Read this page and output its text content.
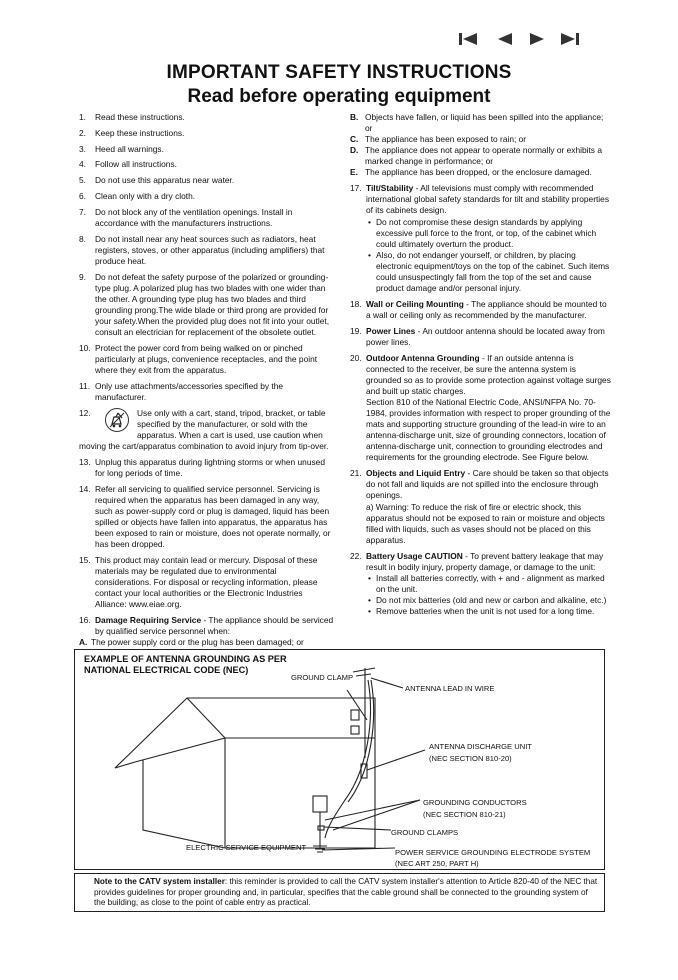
IMPORTANT SAFETY INSTRUCTIONS
Read before operating equipment
1. Read these instructions.
2. Keep these instructions.
3. Heed all warnings.
4. Follow all instructions.
5. Do not use this apparatus near water.
6. Clean only with a dry cloth.
7. Do not block any of the ventilation openings. Install in accordance with the manufacturers instructions.
8. Do not install near any heat sources such as radiators, heat registers, stoves, or other apparatus (including amplifiers) that produce heat.
9. Do not defeat the safety purpose of the polarized or grounding-type plug. A polarized plug has two blades with one wider than the other. A grounding type plug has two blades and third grounding prong.The wide blade or third prong are provided for your safety.When the provided plug does not fit into your outlet, consult an electrician for replacement of the obsolete outlet.
10. Protect the power cord from being walked on or pinched particularly at plugs, convenience receptacles, and the point where they exit from the apparatus.
11. Only use attachments/accessories specified by the manufacturer.
12.	Use only with a cart, stand, tripod, bracket, or table specified by the manufacturer, or sold with the apparatus. When a cart is used, use caution when moving the cart/apparatus combination to avoid injury from tip-over.
13. Unplug this apparatus during lightning storms or when unused for long periods of time.
14. Refer all servicing to qualified service personnel. Servicing is required when the apparatus has been damaged in any way, such as power-supply cord or plug is damaged, liquid has been spilled or objects have fallen into apparatus, the apparatus has been exposed to rain or moisture, does not operate normally, or has been dropped.
15. This product may contain lead or mercury. Disposal of these materials may be regulated due to environmental considerations. For disposal or recycling information, please contact your local authorities or the Electronic Industries Alliance: www.eiae.org.
16. Damage Requiring Service - The appliance should be serviced by qualified service personnel when:
A. The power supply cord or the plug has been damaged; or
B. Objects have fallen, or liquid has been spilled into the appliance; or
C. The appliance has been exposed to rain; or
D. The appliance does not appear to operate normally or exhibits a marked change in performance; or
E. The appliance has been dropped, or the enclosure damaged.
17. Tilt/Stability - All televisions must comply with recommended international global safety standards for tilt and stability properties of its cabinets design.
• Do not compromise these design standards by applying excessive pull force to the front, or top, of the cabinet which could ultimately overturn the product.
• Also, do not endanger yourself, or children, by placing electronic equipment/toys on the top of the cabinet. Such items could unsuspectingly fall from the top of the set and cause product damage and/or personal injury.
18. Wall or Ceiling Mounting - The appliance should be mounted to a wall or ceiling only as recommended by the manufacturer.
19. Power Lines - An outdoor antenna should be located away from power lines.
20. Outdoor Antenna Grounding - If an outside antenna is connected to the receiver, be sure the antenna system is grounded so as to provide some protection against voltage surges and built up static charges.
Section 810 of the National Electric Code, ANSI/NFPA No. 70-1984, provides information with respect to proper grounding of the mats and supporting structure grounding of the lead-in wire to an antenna-discharge unit, size of grounding connectors, location of antenna-discharge unit, connection to grounding electrodes and requirements for the grounding electrode. See Figure below.
21. Objects and Liquid Entry - Care should be taken so that objects do not fall and liquids are not spilled into the enclosure through openings.
a) Warning: To reduce the risk of fire or electric shock, this apparatus should not be exposed to rain or moisture and objects filled with liquids, such as vases should not be placed on this apparatus.
22. Battery Usage CAUTION - To prevent battery leakage that may result in bodily injury, property damage, or damage to the unit:
• Install all batteries correctly, with + and - alignment as marked on the unit.
• Do not mix batteries (old and new or carbon and alkaline, etc.)
• Remove batteries when the unit is not used for a long time.
EXAMPLE OF ANTENNA GROUNDING AS PER
NATIONAL ELECTRICAL CODE (NEC)
GROUND CLAMP
ANTENNA LEAD IN WIRE
ANTENNA DISCHARGE UNIT
(NEC SECTION 810-20)
GROUNDING CONDUCTORS
(NEC SECTION 810-21)
GROUND CLAMPS
ELECTRIC SERVICE EQUIPMENT
POWER SERVICE GROUNDING ELECTRODE SYSTEM
(NEC ART 250, PART H)
Note to the CATV system installer: this reminder is provided to call the CATV system installer's attention to Article 820-40 of the NEC that provides guidelines for proper grounding and, in particular, specifies that the cable ground shall be connected to the grounding system of the building, as close to the point of cable entry as practical.
